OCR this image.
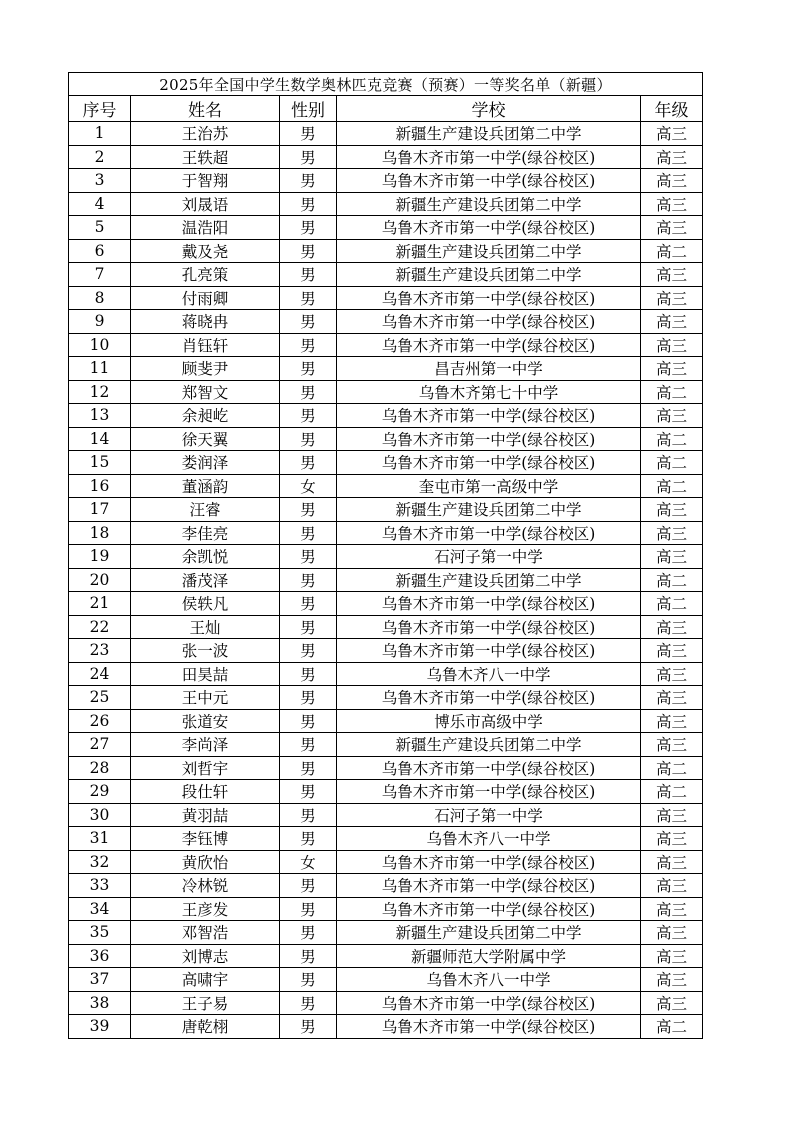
2025年全国中学生数学奥林匹克竞赛（预赛）一等奖名单（新疆）				
序号	姓名	性别	学校	年级
1	王治苏	男	新疆生产建设兵团第二中学	高三
2	王轶超	男	乌鲁木齐市第一中学(绿谷校区)	高三
3	于智翔	男	乌鲁木齐市第一中学(绿谷校区)	高三
4	刘晟语	男	新疆生产建设兵团第二中学	高三
5	温浩阳	男	乌鲁木齐市第一中学(绿谷校区)	高三
6	戴及尧	男	新疆生产建设兵团第二中学	高二
7	孔亮策	男	新疆生产建设兵团第二中学	高三
8	付雨卿	男	乌鲁木齐市第一中学(绿谷校区)	高三
9	蒋晓冉	男	乌鲁木齐市第一中学(绿谷校区)	高三
10	肖钰轩	男	乌鲁木齐市第一中学(绿谷校区)	高三
11	顾斐尹	男	昌吉州第一中学	高三
12	郑智文	男	乌鲁木齐第七十中学	高二
13	余昶屹	男	乌鲁木齐市第一中学(绿谷校区)	高三
14	徐天翼	男	乌鲁木齐市第一中学(绿谷校区)	高二
15	娄润泽	男	乌鲁木齐市第一中学(绿谷校区)	高二
16	董涵韵	女	奎屯市第一高级中学	高二
17	汪睿	男	新疆生产建设兵团第二中学	高三
18	李佳亮	男	乌鲁木齐市第一中学(绿谷校区)	高三
19	余凯悦	男	石河子第一中学	高三
20	潘茂泽	男	新疆生产建设兵团第二中学	高二
21	侯轶凡	男	乌鲁木齐市第一中学(绿谷校区)	高二
22	王灿	男	乌鲁木齐市第一中学(绿谷校区)	高三
23	张一波	男	乌鲁木齐市第一中学(绿谷校区)	高三
24	田昊喆	男	乌鲁木齐八一中学	高三
25	王中元	男	乌鲁木齐市第一中学(绿谷校区)	高三
26	张道安	男	博乐市高级中学	高三
27	李尚泽	男	新疆生产建设兵团第二中学	高三
28	刘哲宇	男	乌鲁木齐市第一中学(绿谷校区)	高二
29	段仕轩	男	乌鲁木齐市第一中学(绿谷校区)	高二
30	黄羽喆	男	石河子第一中学	高三
31	李钰博	男	乌鲁木齐八一中学	高三
32	黄欣怡	女	乌鲁木齐市第一中学(绿谷校区)	高三
33	冷林锐	男	乌鲁木齐市第一中学(绿谷校区)	高三
34	王彦发	男	乌鲁木齐市第一中学(绿谷校区)	高三
35	邓智浩	男	新疆生产建设兵团第二中学	高三
36	刘博志	男	新疆师范大学附属中学	高三
37	高啸宇	男	乌鲁木齐八一中学	高三
38	王子易	男	乌鲁木齐市第一中学(绿谷校区)	高三
39	唐乾栩	男	乌鲁木齐市第一中学(绿谷校区)	高二
